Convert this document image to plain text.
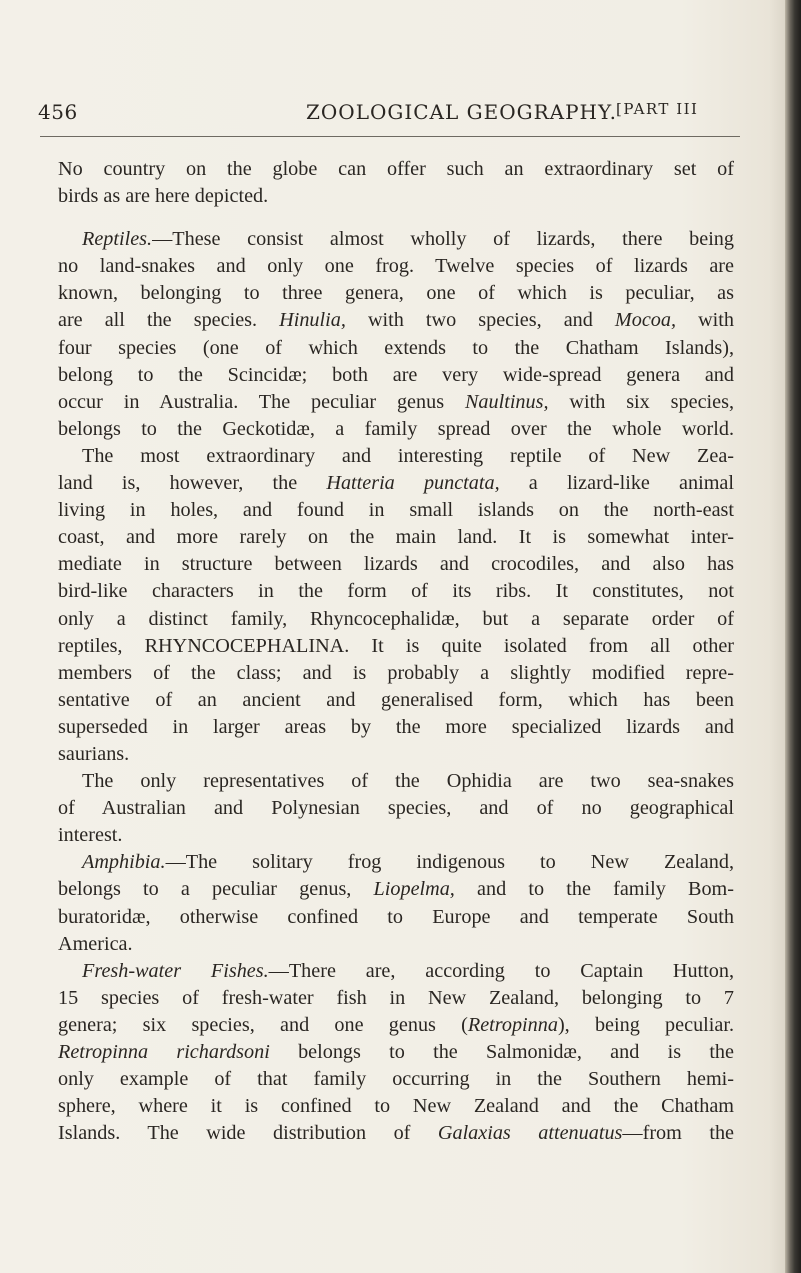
456	ZOOLOGICAL GEOGRAPHY. [PART III
No country on the globe can offer such an extraordinary set of
birds as are here depicted.
Reptiles.—These consist almost wholly of lizards, there being
no land-snakes and only one frog. Twelve species of lizards are
known, belonging to three genera, one of which is peculiar, as
are all the species. Hinulia, with two species, and Mocoa, with
four species (one of which extends to the Chatham Islands),
belong to the Scincidæ; both are very wide-spread genera and
occur in Australia. The peculiar genus Naultinus, with six species,
belongs to the Geckotidæ, a family spread over the whole world.
The most extraordinary and interesting reptile of New Zea-
land is, however, the Hatteria punctata, a lizard-like animal
living in holes, and found in small islands on the north-east
coast, and more rarely on the main land. It is somewhat inter-
mediate in structure between lizards and crocodiles, and also has
bird-like characters in the form of its ribs. It constitutes, not
only a distinct family, Rhyncocephalidæ, but a separate order of
reptiles, RHYNCOCEPHALINA. It is quite isolated from all other
members of the class; and is probably a slightly modified repre-
sentative of an ancient and generalised form, which has been
superseded in larger areas by the more specialized lizards and
saurians.
The only representatives of the Ophidia are two sea-snakes
of Australian and Polynesian species, and of no geographical
interest.
Amphibia.—The solitary frog indigenous to New Zealand,
belongs to a peculiar genus, Liopelma, and to the family Bom-
buratoridæ, otherwise confined to Europe and temperate South
America.
Fresh-water Fishes.—There are, according to Captain Hutton,
15 species of fresh-water fish in New Zealand, belonging to 7
genera; six species, and one genus (Retropinna), being peculiar.
Retropinna richardsoni belongs to the Salmonidæ, and is the
only example of that family occurring in the Southern hemi-
sphere, where it is confined to New Zealand and the Chatham
Islands. The wide distribution of Galaxias attenuatus—from the
